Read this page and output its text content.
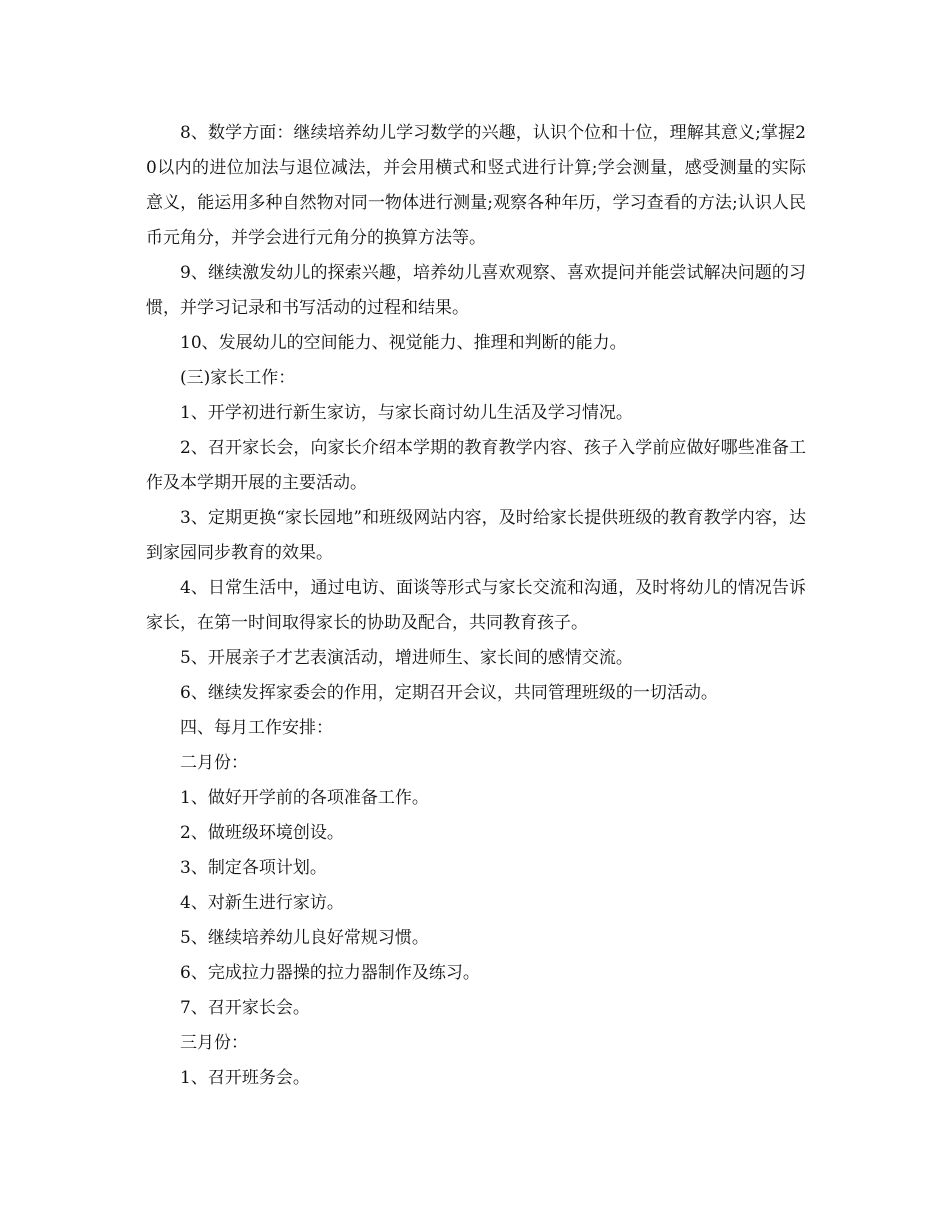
8、数学方面：继续培养幼儿学习数学的兴趣，认识个位和十位，理解其意义;掌握20以内的进位加法与退位减法，并会用横式和竖式进行计算;学会测量，感受测量的实际意义，能运用多种自然物对同一物体进行测量;观察各种年历，学习查看的方法;认识人民币元角分，并学会进行元角分的换算方法等。

9、继续激发幼儿的探索兴趣，培养幼儿喜欢观察、喜欢提问并能尝试解决问题的习惯，并学习记录和书写活动的过程和结果。

10、发展幼儿的空间能力、视觉能力、推理和判断的能力。

(三)家长工作：

1、开学初进行新生家访，与家长商讨幼儿生活及学习情况。

2、召开家长会，向家长介绍本学期的教育教学内容、孩子入学前应做好哪些准备工作及本学期开展的主要活动。

3、定期更换“家长园地”和班级网站内容，及时给家长提供班级的教育教学内容，达到家园同步教育的效果。

4、日常生活中，通过电访、面谈等形式与家长交流和沟通，及时将幼儿的情况告诉家长，在第一时间取得家长的协助及配合，共同教育孩子。

5、开展亲子才艺表演活动，增进师生、家长间的感情交流。

6、继续发挥家委会的作用，定期召开会议，共同管理班级的一切活动。

四、每月工作安排：

二月份：

1、做好开学前的各项准备工作。

2、做班级环境创设。

3、制定各项计划。

4、对新生进行家访。

5、继续培养幼儿良好常规习惯。

6、完成拉力器操的拉力器制作及练习。

7、召开家长会。

三月份：

1、召开班务会。
